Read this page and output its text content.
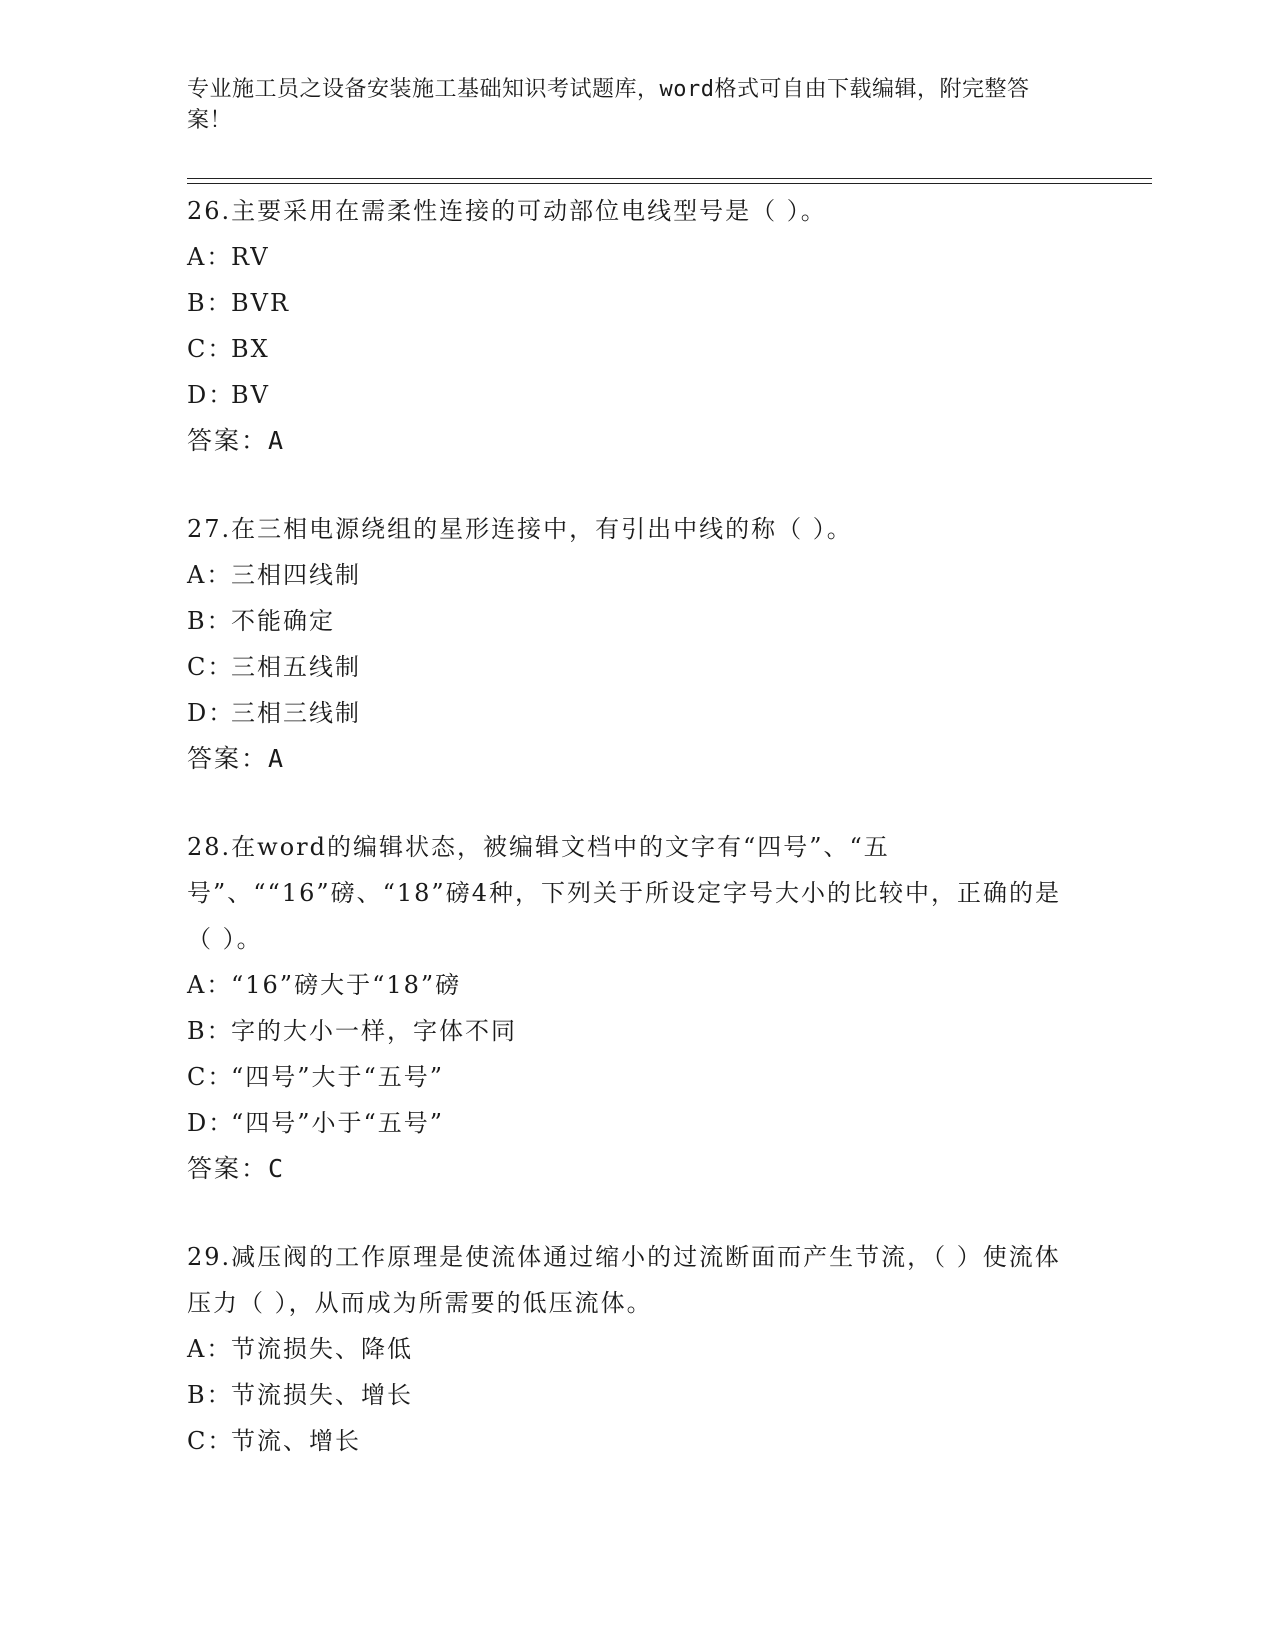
专业施工员之设备安装施工基础知识考试题库，word格式可自由下载编辑，附完整答案！

26.主要采用在需柔性连接的可动部位电线型号是（ ）。

A：
RV
B：
BVR
C：
BX
D：
BV

答案：A

27.在三相电源绕组的星形连接中，有引出中线的称（ ）。

A：
三相四线制
B：
不能确定
C：
三相五线制
D：
三相三线制

答案：A

28.在word的编辑状态，被编辑文档中的文字有“四号”、“五号”、““16”磅、“18”磅4种，下列关于所设定字号大小的比较中，正确的是（ ）。

A：
“16”磅大于“18”磅
B：
字的大小一样，字体不同
C：
“四号”大于“五号”
D：
“四号”小于“五号”

答案：C

29.减压阀的工作原理是使流体通过缩小的过流断面而产生节流，（ ）使流体压力（ ），从而成为所需要的低压流体。

A：
节流损失、降低
B：
节流损失、增长
C：
节流、增长
